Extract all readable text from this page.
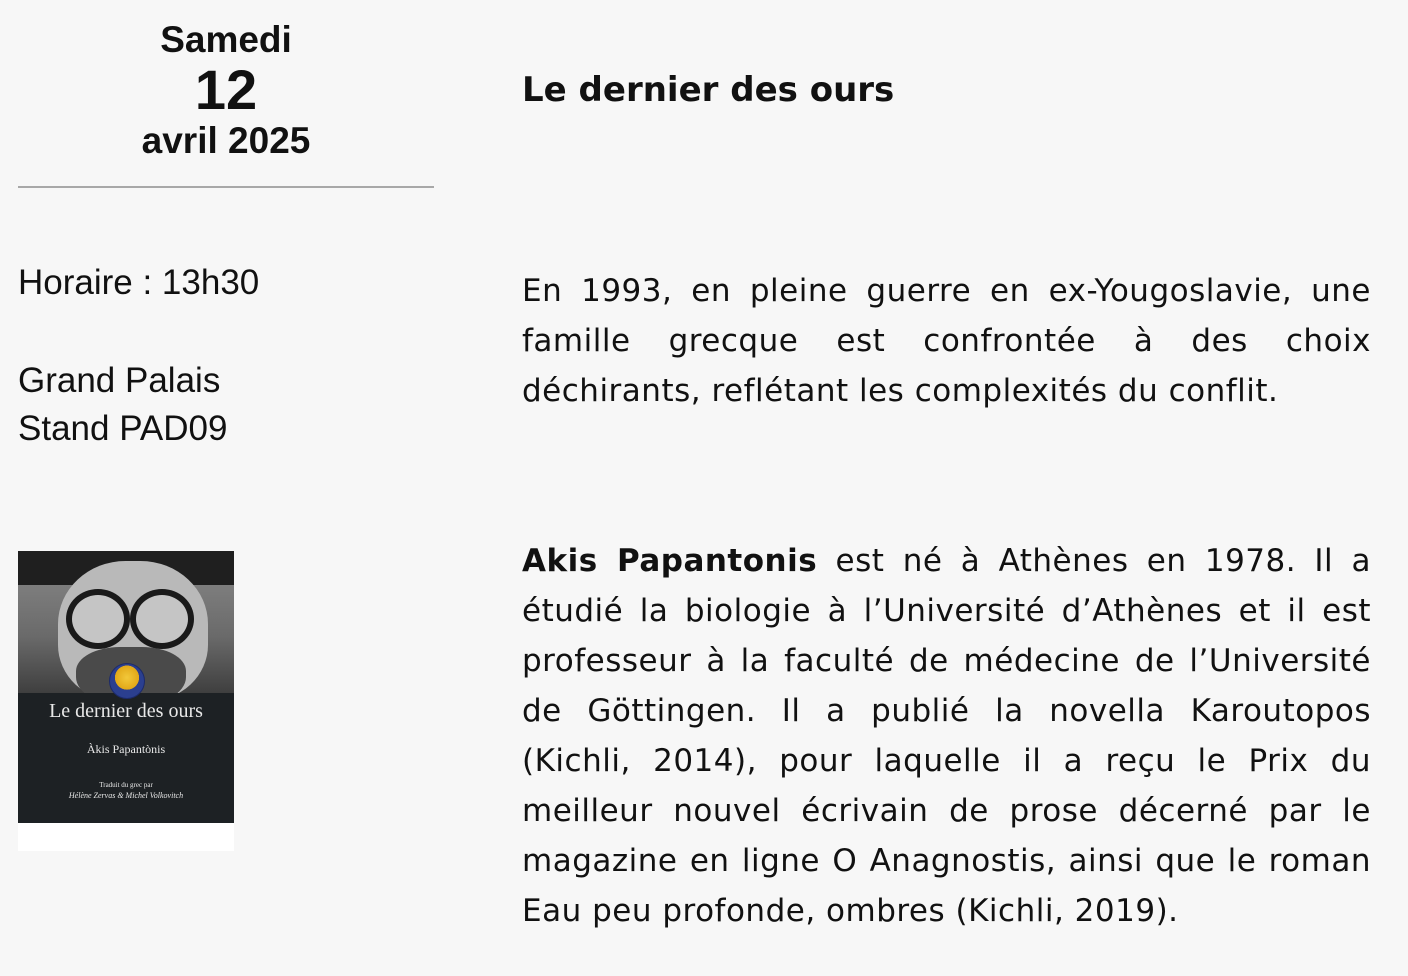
Samedi
12
avril 2025
Horaire : 13h30
Grand Palais
Stand PAD09
Le dernier des ours
Àkis Papantònis
Traduit du grec par
Hélène Zervas & Michel Volkovitch
Le dernier des ours
En 1993, en pleine guerre en ex-Yougoslavie, une famille grecque est confrontée à des choix déchirants, reflétant les complexités du conflit.
Akis Papantonis est né à Athènes en 1978. Il a étudié la biologie à l’Université d’Athènes et il est professeur à la faculté de médecine de l’Université de Göttingen. Il a publié la novella Karoutopos (Kichli, 2014), pour laquelle il a reçu le Prix du meilleur nouvel écrivain de prose décerné par le magazine en ligne O Anagnostis, ainsi que le roman Eau peu profonde, ombres (Kichli, 2019).
